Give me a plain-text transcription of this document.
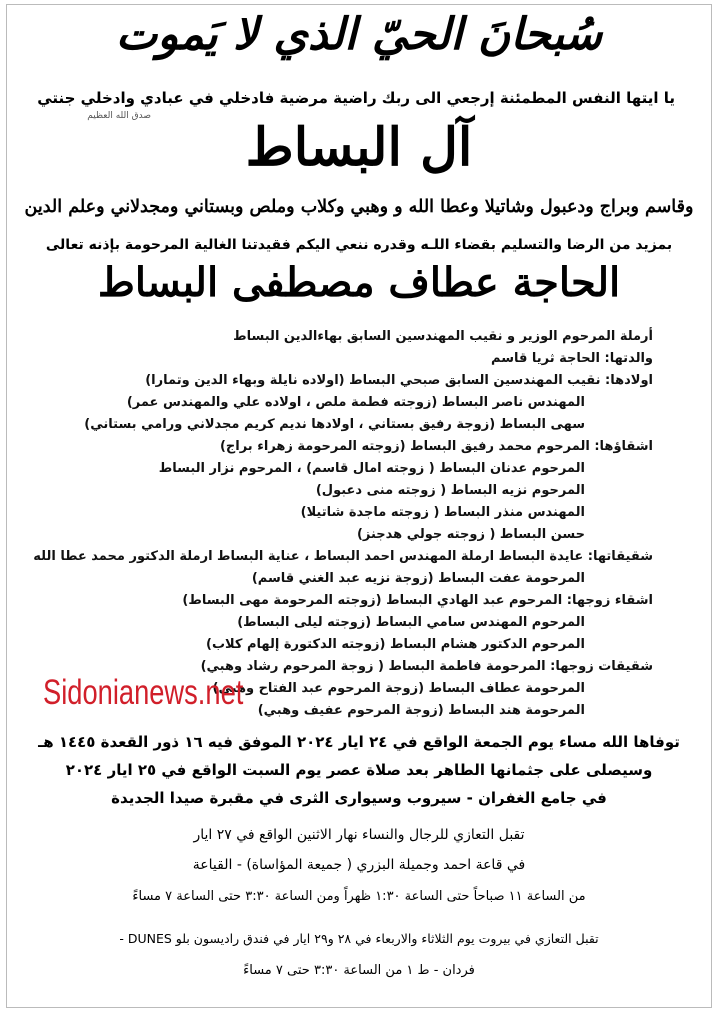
سُبحانَ الحيّ الذي لا يَموت
يا ايتها النفس المطمئنة إرجعي الى ربك راضية مرضية فادخلي في عبادي وادخلي جنتي
صدق الله العظيم
آل البساط
وقاسم وبراج ودعبول وشاتيلا وعطا الله و وهبي وكلاب وملص وبستاني ومجدلاني وعلم الدين
بمزيد من الرضا والتسليم بقضاء اللـه وقدره ننعي اليكم فقيدتنا الغالية المرحومة بإذنه تعالى
الحاجة عطاف مصطفى البساط
أرملة المرحوم الوزير و نقيب المهندسين السابق بهاءالدين البساط
والدتها: الحاجة ثريا قاسم
اولادها: نقيب المهندسين السابق صبحي البساط (اولاده نايلة وبهاء الدين وتمارا)
المهندس ناصر البساط (زوجته فطمة ملص ، اولاده علي والمهندس عمر)
سهى البساط (زوجة رفيق بستاني ، اولادها نديم كريم مجدلاني ورامي بستاني)
اشقاؤها: المرحوم محمد رفيق البساط (زوجته المرحومة زهراء براج)
المرحوم عدنان البساط ( زوجته امال قاسم) ، المرحوم نزار البساط
المرحوم نزيه البساط ( زوجته منى دعبول)
المهندس منذر البساط ( زوجته ماجدة شاتيلا)
حسن البساط ( زوجته جولي هدجنز)
شقيقاتها: عايدة البساط ارملة المهندس احمد البساط ، عناية البساط ارملة الدكتور محمد عطا الله
المرحومة عفت البساط (زوجة نزيه عبد الغني قاسم)
اشقاء زوجها: المرحوم عبد الهادي البساط (زوجته المرحومة مهى البساط)
المرحوم المهندس سامي البساط (زوجته ليلى البساط)
المرحوم الدكتور هشام البساط (زوجته الدكتورة إلهام كلاب)
شقيقات زوجها: المرحومة فاطمة البساط ( زوجة المرحوم رشاد وهبي)
المرحومة عطاف البساط (زوجة المرحوم عبد الفتاح وهبي)
المرحومة هند البساط (زوجة المرحوم عفيف وهبي)
Sidonianews.net
توفاها الله مساء يوم الجمعة الواقع في ٢٤ ايار ٢٠٢٤ الموفق فيه ١٦ ذور القعدة ١٤٤٥ هـ
وسيصلى على جثمانها الطاهر بعد صلاة عصر يوم السبت الواقع في ٢٥ ايار ٢٠٢٤
في جامع الغفران - سيروب وسيوارى الثرى في مقبرة صيدا الجديدة
تقبل التعازي للرجال والنساء نهار الاثنين الواقع في ٢٧ ايار
في قاعة احمد وجميلة البزري ( جميعة المؤاساة) - القياعة
من الساعة ١١ صباحاً حتى الساعة ١:٣٠ ظهراً ومن الساعة ٣:٣٠ حتى الساعة ٧ مساءً
تقبل التعازي في بيروت يوم الثلاثاء والاربعاء في ٢٨ و٢٩ ايار في فندق راديسون بلو DUNES -
فردان - ط ١ من الساعة ٣:٣٠ حتى ٧ مساءً
